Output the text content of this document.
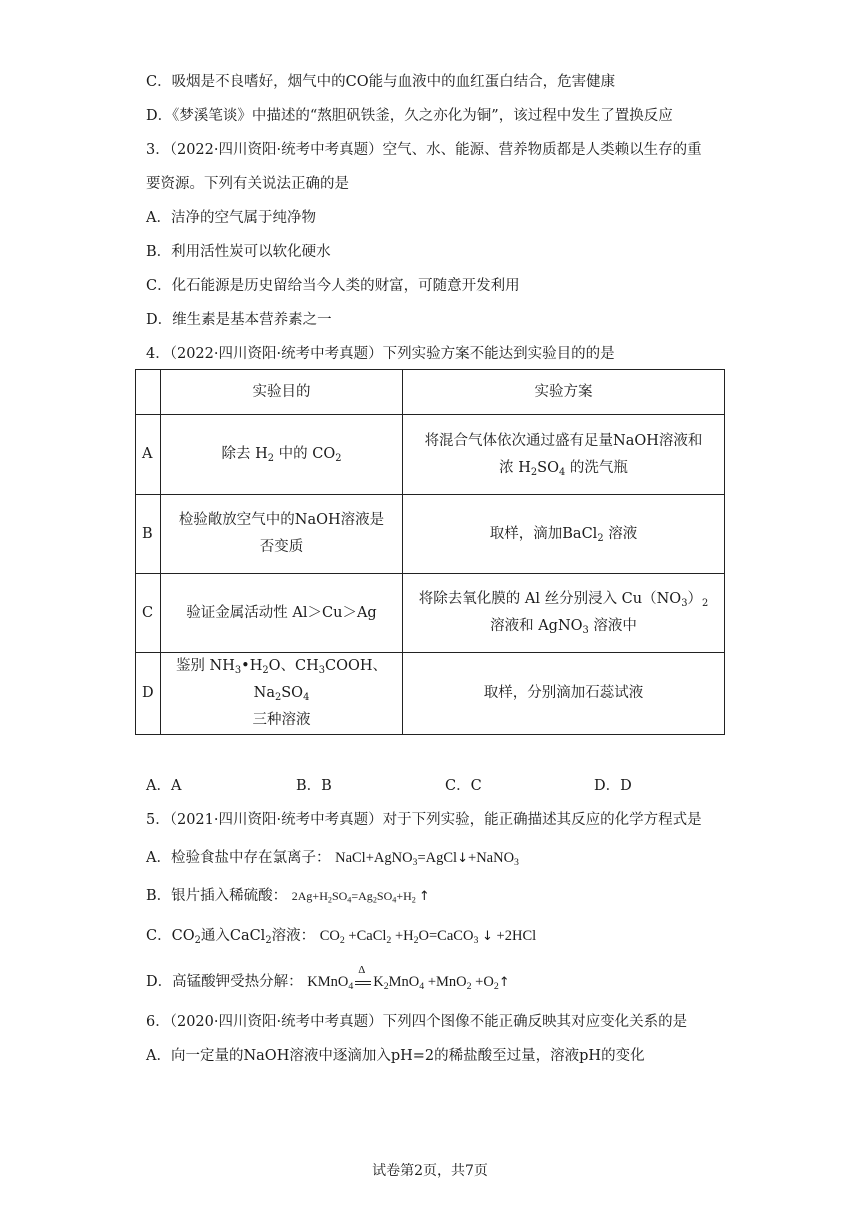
C．吸烟是不良嗜好，烟气中的CO能与血液中的血红蛋白结合，危害健康
D．《梦溪笔谈》中描述的“熬胆矾铁釜，久之亦化为铜”，该过程中发生了置换反应
3．（2022·四川资阳·统考中考真题）空气、水、能源、营养物质都是人类赖以生存的重
要资源。下列有关说法正确的是
A．洁净的空气属于纯净物
B．利用活性炭可以软化硬水
C．化石能源是历史留给当今人类的财富，可随意开发利用
D．维生素是基本营养素之一
4．（2022·四川资阳·统考中考真题）下列实验方案不能达到实验目的的是
	实验目的	实验方案
A	除去 $H_2$ 中的 $CO_2$	将混合气体依次通过盛有足量NaOH溶液和
浓 $H_2SO_4$ 的洗气瓶
B	检验敞放空气中的NaOH溶液是
否变质	取样，滴加BaCl$_2$ 溶液
C	验证金属活动性 Al＞Cu＞Ag	将除去氧化膜的 Al 丝分别浸入 $Cu(NO_3)_2$
溶液和 AgNO$_3$ 溶液中
D	鉴别 $NH_3•H_2O$、$CH_3COOH$、$Na_2SO_4$
三种溶液	取样，分别滴加石蕊试液
A．A	B．B	C．C	D．D
5．（2021·四川资阳·统考中考真题）对于下列实验，能正确描述其反应的化学方程式是
A．检验食盐中存在氯离子： NaCl+AgNO$_3$=AgCl↓+NaNO$_3$
B．银片插入稀硫酸： $2Ag+H_2SO_4=Ag_2SO_4+H_2$ ↑
C．$CO_2$通入CaCl$_2$溶液： $CO_2$ +CaCl$_2$ $+H_2O=CaCO_3$ ↓ +2HCl
D．高锰酸钾受热分解： KMnO$_4$
Δ
$K_2MnO_4 +MnO_2$ $+O_2↑$
6．（2020·四川资阳·统考中考真题）下列四个图像不能正确反映其对应变化关系的是
A．向一定量的NaOH溶液中逐滴加入pH=2的稀盐酸至过量，溶液pH的变化
试卷第2页，共7页
